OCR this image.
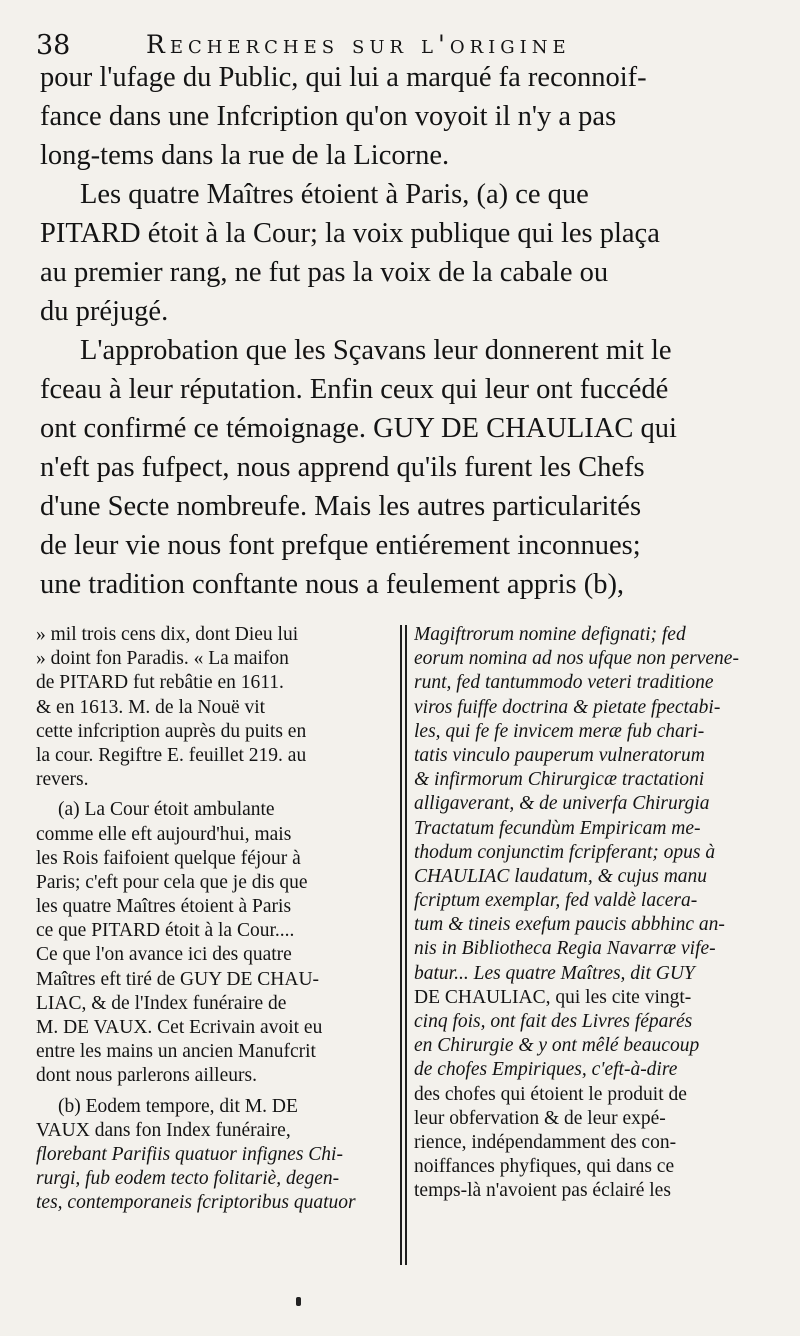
38	Recherches sur l'origine
pour l'ufage du Public, qui lui a marqué fa reconnoif-
fance dans une Infcription qu'on voyoit il n'y a pas
long-tems dans la rue de la Licorne.
Les quatre Maîtres étoient à Paris, (a) ce que
PITARD étoit à la Cour; la voix publique qui les plaça
au premier rang, ne fut pas la voix de la cabale ou
du préjugé.
L'approbation que les Sçavans leur donnerent mit le
fceau à leur réputation. Enfin ceux qui leur ont fuccédé
ont confirmé ce témoignage. GUY DE CHAULIAC qui
n'eft pas fufpect, nous apprend qu'ils furent les Chefs
d'une Secte nombreufe. Mais les autres particularités
de leur vie nous font prefque entiérement inconnues;
une tradition conftante nous a feulement appris (b),
» mil trois cens dix, dont Dieu lui
» doint fon Paradis. « La maifon
de PITARD fut rebâtie en 1611.
& en 1613. M. de la Nouë vit
cette infcription auprès du puits en
la cour. Regiftre E. feuillet 219. au
revers.
(a) La Cour étoit ambulante
comme elle eft aujourd'hui, mais
les Rois faifoient quelque féjour à
Paris; c'eft pour cela que je dis que
les quatre Maîtres étoient à Paris
ce que PITARD étoit à la Cour....
Ce que l'on avance ici des quatre
Maîtres eft tiré de GUY DE CHAU-
LIAC, & de l'Index funéraire de
M. DE VAUX. Cet Ecrivain avoit eu
entre les mains un ancien Manufcrit
dont nous parlerons ailleurs.
(b) Eodem tempore, dit M. DE
VAUX dans fon Index funéraire,
florebant Parifiis quatuor infignes Chi-
rurgi, fub eodem tecto folitariè, degen-
tes, contemporaneis fcriptoribus quatuor
Magiftrorum nomine defignati; fed
eorum nomina ad nos ufque non pervene-
runt, fed tantummodo veteri traditione
viros fuiffe doctrina & pietate fpectabi-
les, qui fe fe invicem meræ fub chari-
tatis vinculo pauperum vulneratorum
& infirmorum Chirurgicæ tractationi
alligaverant, & de univerfa Chirurgia
Tractatum fecundùm Empiricam me-
thodum conjunctim fcripferant; opus à
CHAULIAC laudatum, & cujus manu
fcriptum exemplar, fed valdè lacera-
tum & tineis exefum paucis abbhinc an-
nis in Bibliotheca Regia Navarræ vife-
batur... Les quatre Maîtres, dit GUY
DE CHAULIAC, qui les cite vingt-
cinq fois, ont fait des Livres féparés
en Chirurgie & y ont mêlé beaucoup
de chofes Empiriques, c'eft-à-dire
des chofes qui étoient le produit de
leur obfervation & de leur expé-
rience, indépendamment des con-
noiffances phyfiques, qui dans ce
temps-là n'avoient pas éclairé les
